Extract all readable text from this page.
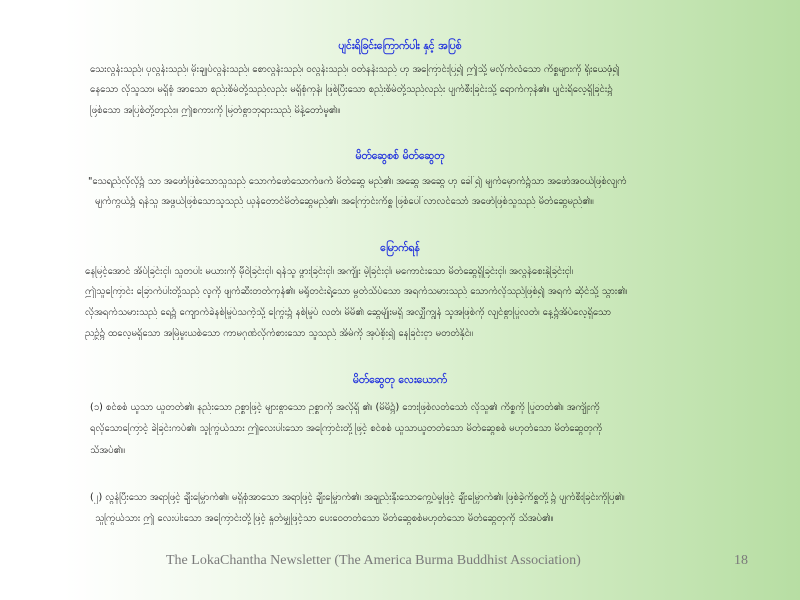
ပျင်းရိခြင်းကြောက်ပါး နှင့် အပြစ်
သေးလွန်းသည်၊ ပုလွန်းသည်၊ မိုးချုပ်လွန်းသည်၊ စောလွန်းသည်၊ ဝလွန်းသည်၊ ဝတ်နန်းသည် ဟု အကြောင်းပြ၍ ဤသို့ မလိုက်လံသော ကိစ္စများကို ရိုးယေဖုံ၍
နေသော လိုသူသာ၊ မရှိစုံ အာသော စည်းစိမ်တို့သည်လည်း မရှိစုံကုန်၊ ဖြစ်ပြီးသော စည်းစိမ်တို့သည်လည်း ပျက်စီးခြင်းသို့ ရောက်ကုန်၏။ ပျင်းရိလေ့ရှိခြင်း၌
ဖြစ်သော အပြစ်တို့တည်း။ ဤစကားကို မြတ်စွာဘုရားသည် မိန့်တော်မူ၏။
မိတ်ဆွေစစ် မိတ်ဆွေတု
"သေရည်လိုလို၌ သာ အဖော်ဖြစ်သောသူသည် သောက်ဖော်သောက်ဖက် မိတ်ဆွေ မည်၏၊ အဆွေ အဆွေ ဟု ခေါ်၍ မျက်မှောက်၌သာ အဖော်အဝယ်ဖြစ်လျက်
မျက်ကွယ်၌ ရန်သူ အဖွယ်ဖြစ်သောသူသည် ယုန်တောင်မိတ်ဆွေမည်၏၊ အကြောင်းကိစ္စ ဖြစ်ပေါ်လာလင်သော် အဖော်ဖြစ်သူသည် မိတ်ဆွေမည်၏။
မြောက်ရန်
နေမြင့်အောင် အိပ်ခြင်းငှါ၊ သူတပါး မယားကို မှီဝဲခြင်းငှါ၊ ရန်သူ ဖွားခြင်းငှါ၊ အကျိုး မဲ့ခြင်းငှါ၊ မကောင်းသော မိတ်ဆွေရှိခြင်းငှါ၊ အလွန်စေးနှဲခြင်းငှါ၊
ဤသူကြောင်း ခြောက်ပါးတို့သည် လူကို ဖျက်ဆီးတတ်ကုန်၏၊ မရိုတင်းရဲ့သော မွတ်သိပ်သော အရက်သမားသည် သောက်လိုသည်ဖြစ်၍ အရက် ဆိုင်သို့ သွား၏၊
လိုအရက်သမားသည် ရေ၌ ကျောက်ခဲနစ်မြုပ်သကဲ့သို့ ကြွေး၌ နစ်မြုပ် လတ်၊ မိမိ၏ ဆွေမျိုးမရှိ အလျှီကျွန် သူအဖြစ်ကို လျင်စွာပြုလတ်၊ နေ့၌အိပ်လေ့ရှိသော
ညဉ့်၌ ထလေ့မရှိသော အမြဲမူးယစ်သော ကာမဂုဏ်လိုက်စားသော သူသည် အိမ်ကို အုပ်စိုး၍ နေခြင်းငှာ မတတ်နိုင်။
မိတ်ဆွေတု လေးယောက်
(၁) စင်စစ် ယူသာ ယူတတ်၏၊ နည်းသော ဥစ္စာဖြင့် များစွာသော ဥစ္စာကို အလိုရှိ ၏၊ (မိမိ၌) ဘေးဖြစ်လတ်သော် လိုသူ၏ ကိစ္စကို ပြုတတ်၏၊ အကျိုးကို
ရလိုသောကြောင့် ခဲခြင်းကပ်၏၊ သူကြွယ်သား ဤလေးပါးသော အကြောင်းတို့ဖြင့် စင်စစ် ယူသာယူတတ်သော မိတ်ဆွေစစ် မဟုတ်သော မိတ်ဆွေတုကို
သိအပ်၏။
(၂) လွန်ပြီးသော အရာဖြင့် ချီးမြှောက်၏၊ မရှိစုံအာသော အရာဖြင့် ချီးမြှောက်၏၊ အချည်းနှီးသောကွေ့ပ်မှုဖြင့် ချီးမြှောက်၏၊ ဖြစ်ခဲ့ကိစ္စတို့၌ ပျက်စီးခြင်းကိုပြ၏၊
သူကြွယ်သား ဤ လေးပါးသော အကြောင်းတို့ဖြင့် နှုတ်မျှဖြင့်သာ ပေးဝေတတ်သော မိတ်ဆွေစစ်မဟုတ်သော မိတ်ဆွေတုကို သိအပ်၏။
The LokaChantha Newsletter (The America Burma Buddhist Association)	18
